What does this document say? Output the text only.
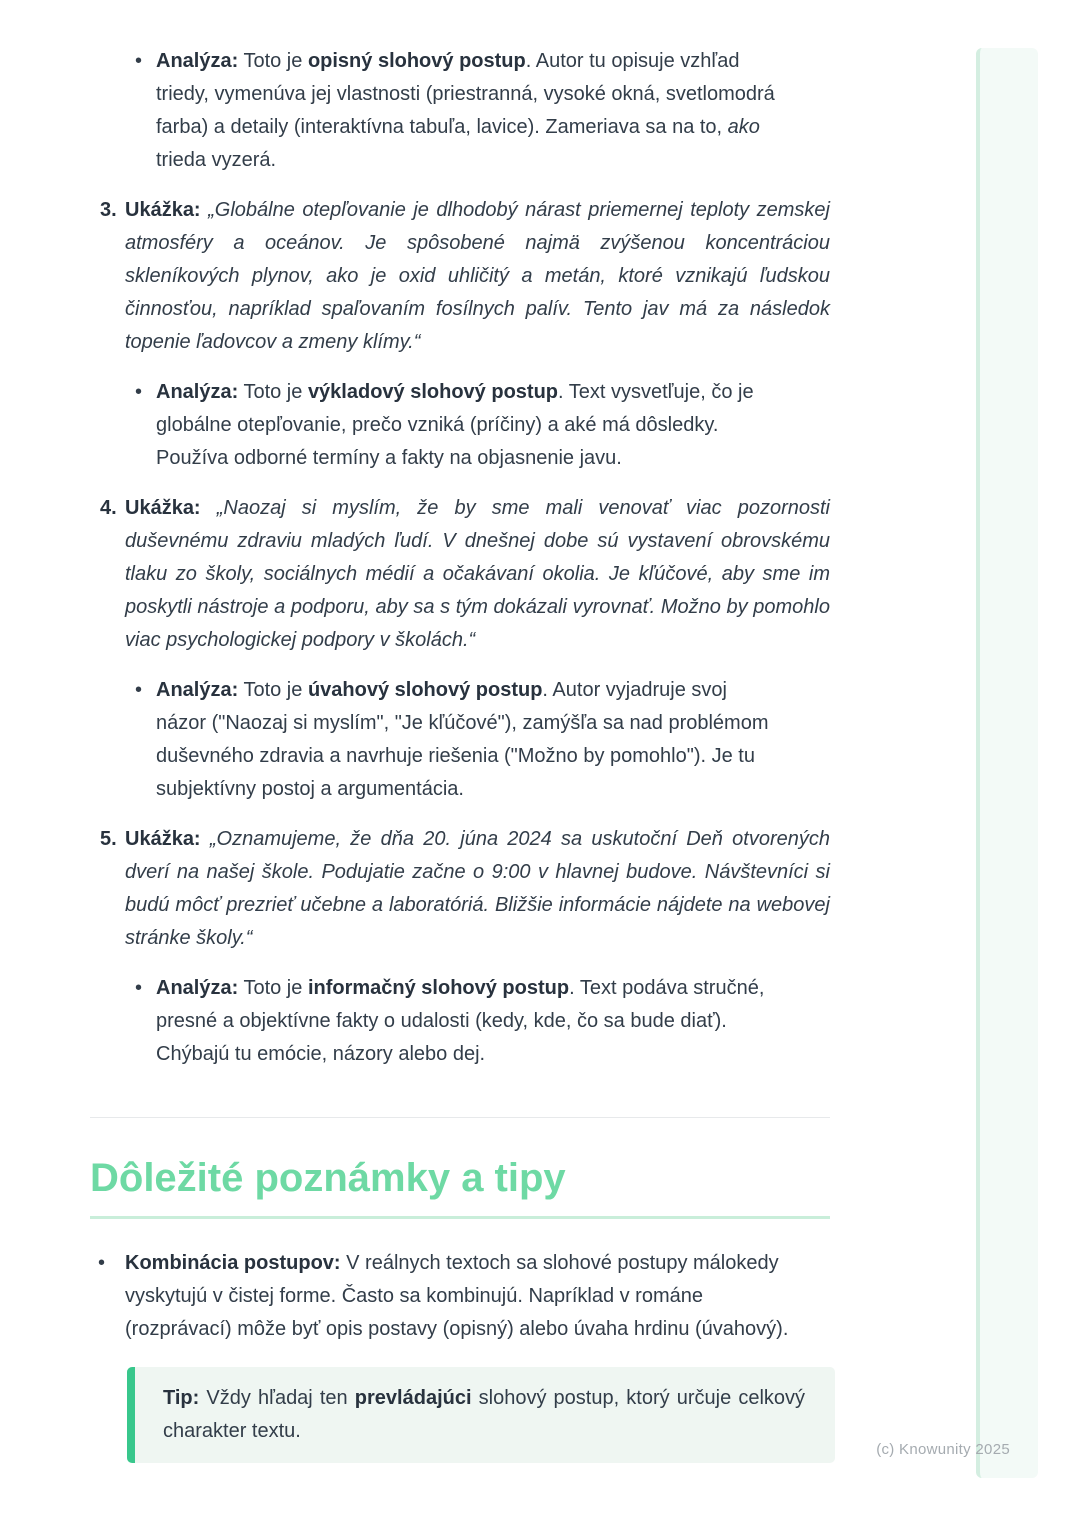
• Analýza: Toto je opisný slohový postup. Autor tu opisuje vzhľad triedy, vymenúva jej vlastnosti (priestranná, vysoké okná, svetlomodrá farba) a detaily (interaktívna tabuľa, lavice). Zameriava sa na to, ako trieda vyzerá.
3. Ukážka: „Globálne otepľovanie je dlhodobý nárast priemernej teploty zemskej atmosféry a oceánov. Je spôsobené najmä zvýšenou koncentráciou skleníkových plynov, ako je oxid uhličitý a metán, ktoré vznikajú ľudskou činnosťou, napríklad spaľovaním fosílnych palív. Tento jav má za následok topenie ľadovcov a zmeny klímy.“
• Analýza: Toto je výkladový slohový postup. Text vysvetľuje, čo je globálne otepľovanie, prečo vzniká (príčiny) a aké má dôsledky. Používa odborné termíny a fakty na objasnenie javu.
4. Ukážka: „Naozaj si myslím, že by sme mali venovať viac pozornosti duševnému zdraviu mladých ľudí. V dnešnej dobe sú vystavení obrovskému tlaku zo školy, sociálnych médií a očakávaní okolia. Je kľúčové, aby sme im poskytli nástroje a podporu, aby sa s tým dokázali vyrovnať. Možno by pomohlo viac psychologickej podpory v školách.“
• Analýza: Toto je úvahový slohový postup. Autor vyjadruje svoj názor ("Naozaj si myslím", "Je kľúčové"), zamýšľa sa nad problémom duševného zdravia a navrhuje riešenia ("Možno by pomohlo"). Je tu subjektívny postoj a argumentácia.
5. Ukážka: „Oznamujeme, že dňa 20. júna 2024 sa uskutoční Deň otvorených dverí na našej škole. Podujatie začne o 9:00 v hlavnej budove. Návštevníci si budú môcť prezrieť učebne a laboratóriá. Bližšie informácie nájdete na webovej stránke školy.“
• Analýza: Toto je informačný slohový postup. Text podáva stručné, presné a objektívne fakty o udalosti (kedy, kde, čo sa bude diať). Chýbajú tu emócie, názory alebo dej.
Dôležité poznámky a tipy
• Kombinácia postupov: V reálnych textoch sa slohové postupy málokedy vyskytujú v čistej forme. Často sa kombinujú. Napríklad v románe (rozprávací) môže byť opis postavy (opisný) alebo úvaha hrdinu (úvahový).
Tip: Vždy hľadaj ten prevládajúci slohový postup, ktorý určuje celkový charakter textu.
(c) Knowunity 2025
